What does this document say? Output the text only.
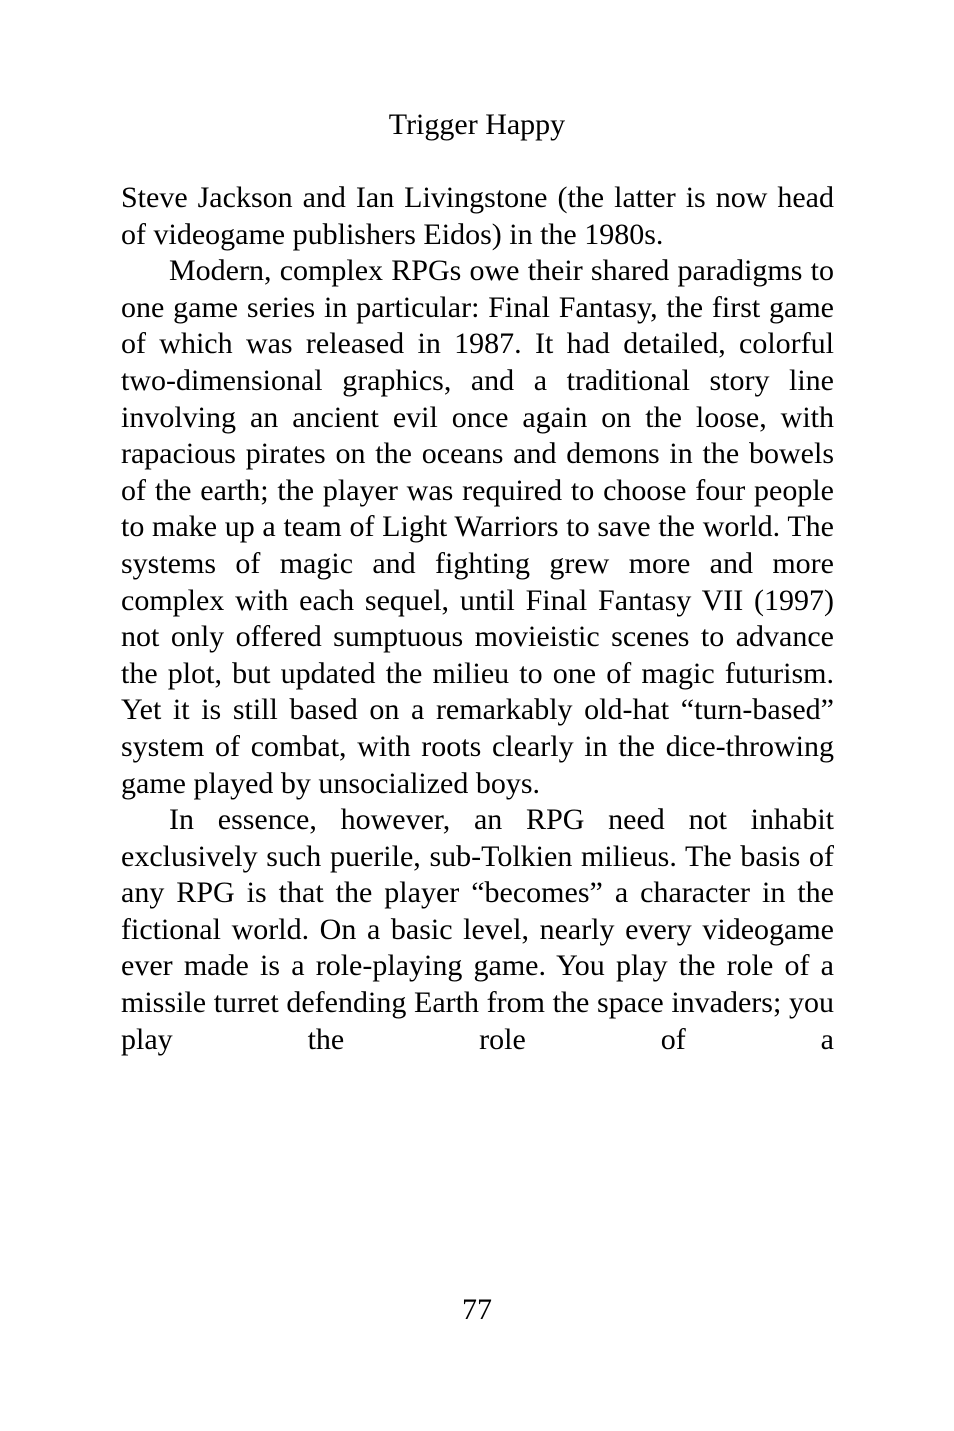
Trigger Happy

Steve Jackson and Ian Livingstone (the latter is now head of videogame publishers Eidos) in the 1980s.

Modern, complex RPGs owe their shared paradigms to one game series in particular: Final Fantasy, the first game of which was released in 1987. It had detailed, colorful two-dimensional graphics, and a traditional story line involving an ancient evil once again on the loose, with rapacious pirates on the oceans and demons in the bowels of the earth; the player was required to choose four people to make up a team of Light Warriors to save the world. The systems of magic and fighting grew more and more complex with each sequel, until Final Fantasy VII (1997) not only offered sumptuous movieistic scenes to advance the plot, but updated the milieu to one of magic futurism. Yet it is still based on a remarkably old-hat “turn-based” system of combat, with roots clearly in the dice-throwing game played by unsocialized boys.

In essence, however, an RPG need not inhabit exclusively such puerile, sub-Tolkien milieus. The basis of any RPG is that the player “becomes” a character in the fictional world. On a basic level, nearly every videogame ever made is a role-playing game. You play the role of a missile turret defending Earth from the space invaders; you play the role of a

77
